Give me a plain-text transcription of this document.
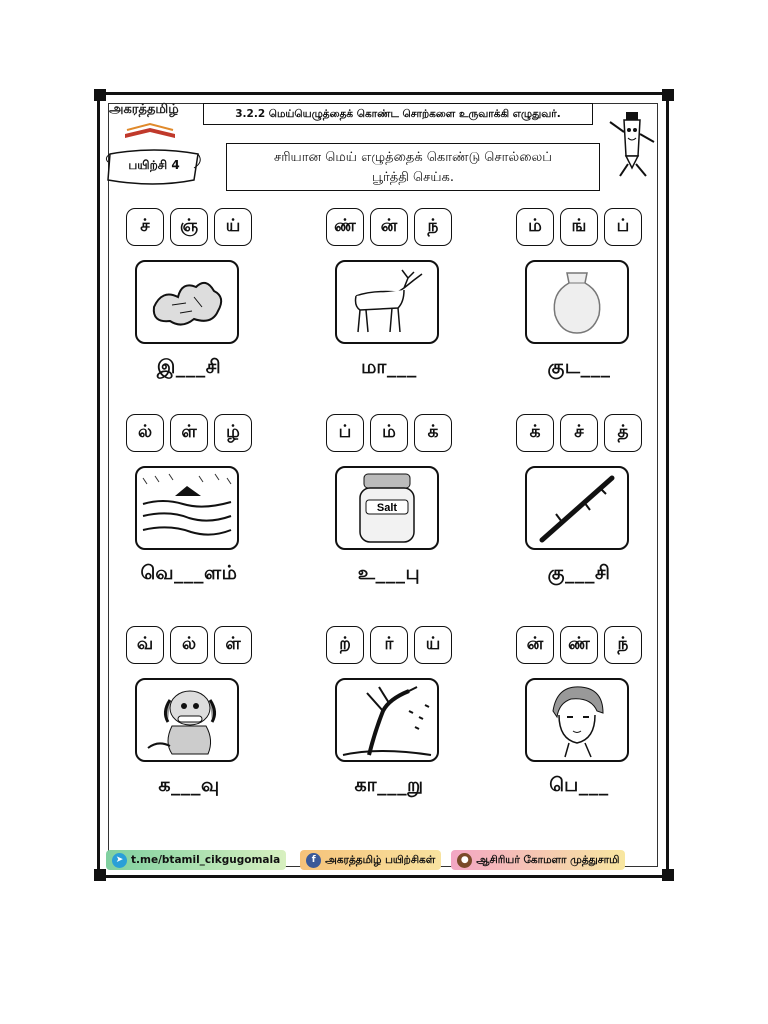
அகரத்தமிழ்	3.2.2 மெய்யெழுத்தைக் கொண்ட சொற்களை உருவாக்கி எழுதுவர்.
பயிற்சி 4	சரியான மெய் எழுத்தைக் கொண்டு சொல்லைப்
பூர்த்தி செய்க.
ச்	ஞ்	ய்
இ___சி
ண்	ன்	ந்
மா___
ம்	ங்	ப்
குட___
ல்	ள்	ழ்
வெ___ளம்
ப்	ம்	க்
Salt
உ___பு
க்	ச்	த்
கு___சி
வ்	ல்	ள்
க___வு
ற்	ர்	ய்
கா___று
ன்	ண்	ந்
பெ___
➤ t.me/btamil_cikgugomala	f அகரத்தமிழ் பயிற்சிகள்	● ஆசிரியர் கோமளா முத்துசாமி
